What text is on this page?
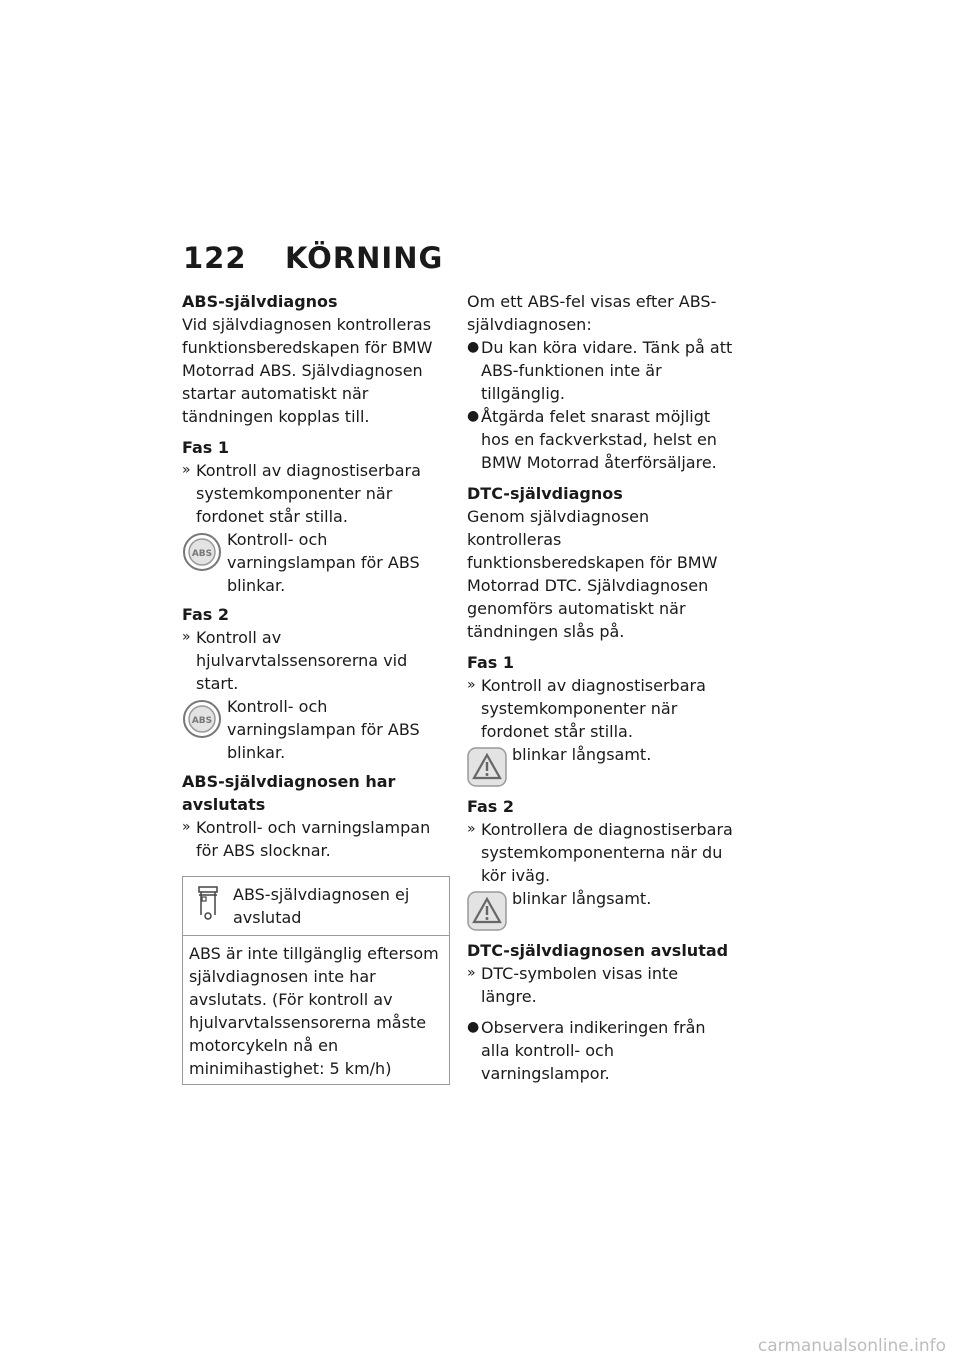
122 KÖRNING
ABS-självdiagnos
Vid självdiagnosen kontrolleras funktionsberedskapen för BMW Motorrad ABS. Självdiagnosen startar automatiskt när tändningen kopplas till.
Fas 1
» Kontroll av diagnostiserbara systemkomponenter när fordonet står stilla.
ABS
Kontroll- och varningslampan för ABS blinkar.
Fas 2
» Kontroll av hjulvarvtalssensorerna vid start.
ABS
Kontroll- och varningslampan för ABS blinkar.
ABS-självdiagnosen har avslutats
» Kontroll- och varningslampan för ABS slocknar.
ABS-självdiagnosen ej avslutad
ABS är inte tillgänglig eftersom självdiagnosen inte har avslutats. (För kontroll av hjulvarvtalssensorerna måste motorcykeln nå en minimihastighet: 5 km/h)
Om ett ABS-fel visas efter ABS-självdiagnosen:
● Du kan köra vidare. Tänk på att ABS-funktionen inte är tillgänglig.
● Åtgärda felet snarast möjligt hos en fackverkstad, helst en BMW Motorrad återförsäljare.
DTC-självdiagnos
Genom självdiagnosen kontrolleras funktionsberedskapen för BMW Motorrad DTC. Självdiagnosen genomförs automatiskt när tändningen slås på.
Fas 1
» Kontroll av diagnostiserbara systemkomponenter när fordonet står stilla.
blinkar långsamt.
Fas 2
» Kontrollera de diagnostiserbara systemkomponenterna när du kör iväg.
blinkar långsamt.
DTC-självdiagnosen avslutad
» DTC-symbolen visas inte längre.
● Observera indikeringen från alla kontroll- och varningslampor.
carmanualsonline.info
